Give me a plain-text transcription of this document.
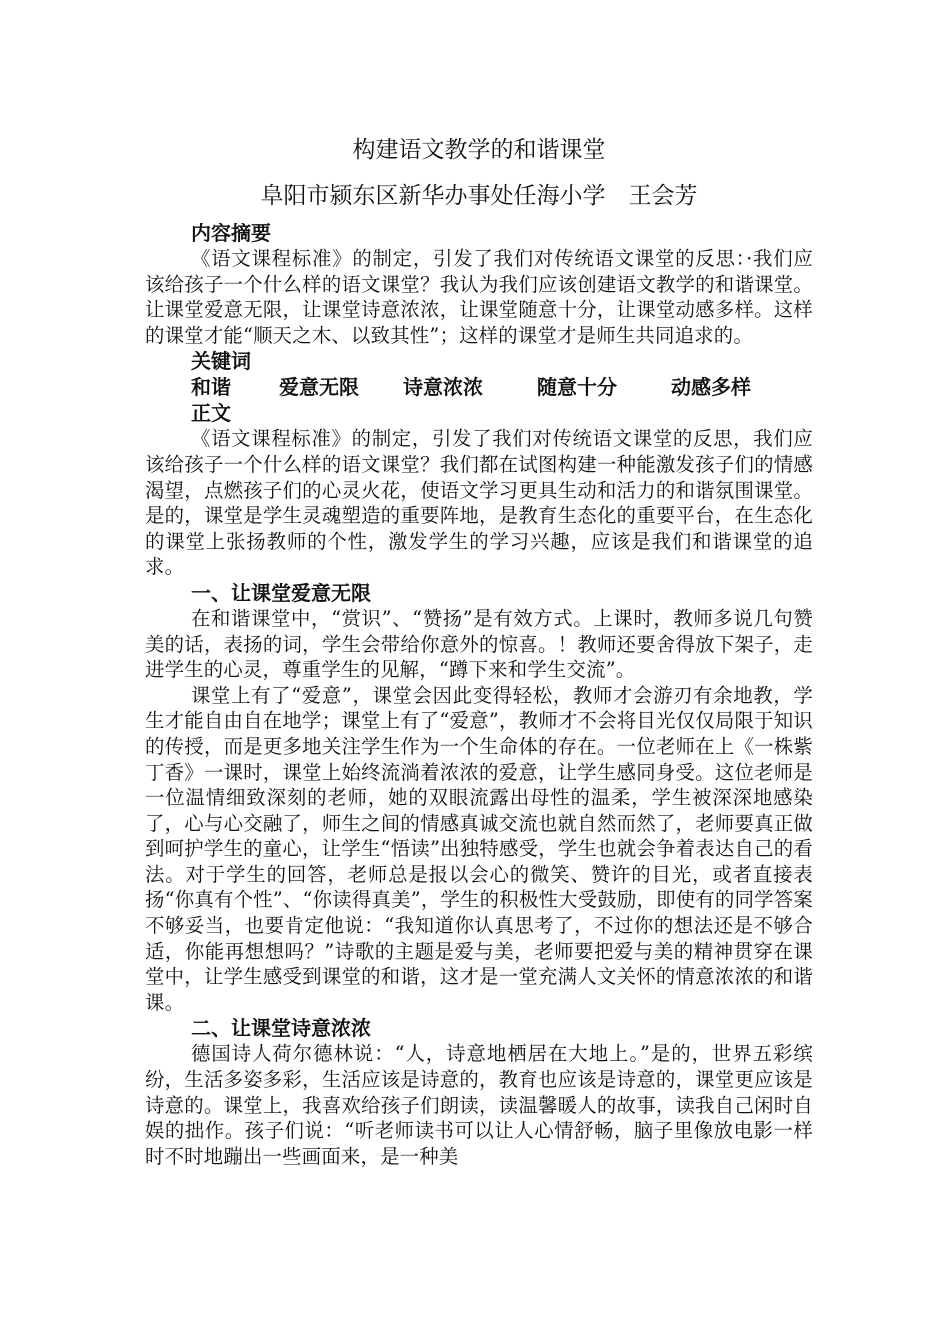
构建语文教学的和谐课堂
阜阳市颍东区新华办事处任海小学　王会芳
内容摘要

《语文课程标准》的制定，引发了我们对传统语文课堂的反思：·我们应该给孩子一个什么样的语文课堂？我认为我们应该创建语文教学的和谐课堂。让课堂爱意无限，让课堂诗意浓浓，让课堂随意十分，让课堂动感多样。这样的课堂才能“顺天之木、以致其性”；这样的课堂才是师生共同追求的。

关键词
和谐	爱意无限	诗意浓浓	随意十分	动感多样
正文

《语文课程标准》的制定，引发了我们对传统语文课堂的反思，我们应该给孩子一个什么样的语文课堂？我们都在试图构建一种能激发孩子们的情感渴望，点燃孩子们的心灵火花，使语文学习更具生动和活力的和谐氛围课堂。是的，课堂是学生灵魂塑造的重要阵地，是教育生态化的重要平台，在生态化的课堂上张扬教师的个性，激发学生的学习兴趣，应该是我们和谐课堂的追求。

一、让课堂爱意无限

在和谐课堂中，“赏识”、“赞扬”是有效方式。上课时，教师多说几句赞美的话，表扬的词，学生会带给你意外的惊喜。！教师还要舍得放下架子，走进学生的心灵，尊重学生的见解，“蹲下来和学生交流”。

课堂上有了“爱意”，课堂会因此变得轻松，教师才会游刃有余地教，学生才能自由自在地学；课堂上有了“爱意”，教师才不会将目光仅仅局限于知识的传授，而是更多地关注学生作为一个生命体的存在。一位老师在上《一株紫丁香》一课时，课堂上始终流淌着浓浓的爱意，让学生感同身受。这位老师是一位温情细致深刻的老师，她的双眼流露出母性的温柔，学生被深深地感染了，心与心交融了，师生之间的情感真诚交流也就自然而然了，老师要真正做到呵护学生的童心，让学生“悟读”出独特感受，学生也就会争着表达自己的看法。对于学生的回答，老师总是报以会心的微笑、赞许的目光，或者直接表扬“你真有个性”、“你读得真美”，学生的积极性大受鼓励，即使有的同学答案不够妥当，也要肯定他说：“我知道你认真思考了，不过你的想法还是不够合适，你能再想想吗？”诗歌的主题是爱与美，老师要把爱与美的精神贯穿在课堂中，让学生感受到课堂的和谐，这才是一堂充满人文关怀的情意浓浓的和谐课。

二、让课堂诗意浓浓

德国诗人荷尔德林说：“人，诗意地栖居在大地上。”是的，世界五彩缤纷，生活多姿多彩，生活应该是诗意的，教育也应该是诗意的，课堂更应该是诗意的。课堂上，我喜欢给孩子们朗读，读温馨暖人的故事，读我自己闲时自娱的拙作。孩子们说：“听老师读书可以让人心情舒畅，脑子里像放电影一样时不时地蹦出一些画面来，是一种美
